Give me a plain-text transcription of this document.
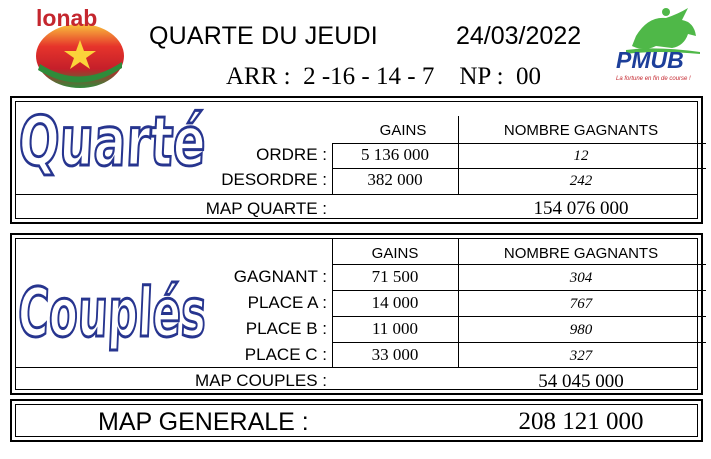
lonab
QUARTE DU JEUDI	24/03/2022
ARR :  2 -16 - 14 - 7    NP :  00
PMUB
La fortune en fin de course !
Quarté	GAINS	NOMBRE GAGNANTS
ORDRE :	5 136 000	12
DESORDRE :	382 000	242
MAP QUARTE :	154 076 000
Couplés
GAINS	NOMBRE GAGNANTS
GAGNANT :	71 500	304
PLACE A :	14 000	767
PLACE B :	11 000	980
PLACE C :	33 000	327
MAP COUPLES :	54 045 000
MAP GENERALE :	208 121 000
